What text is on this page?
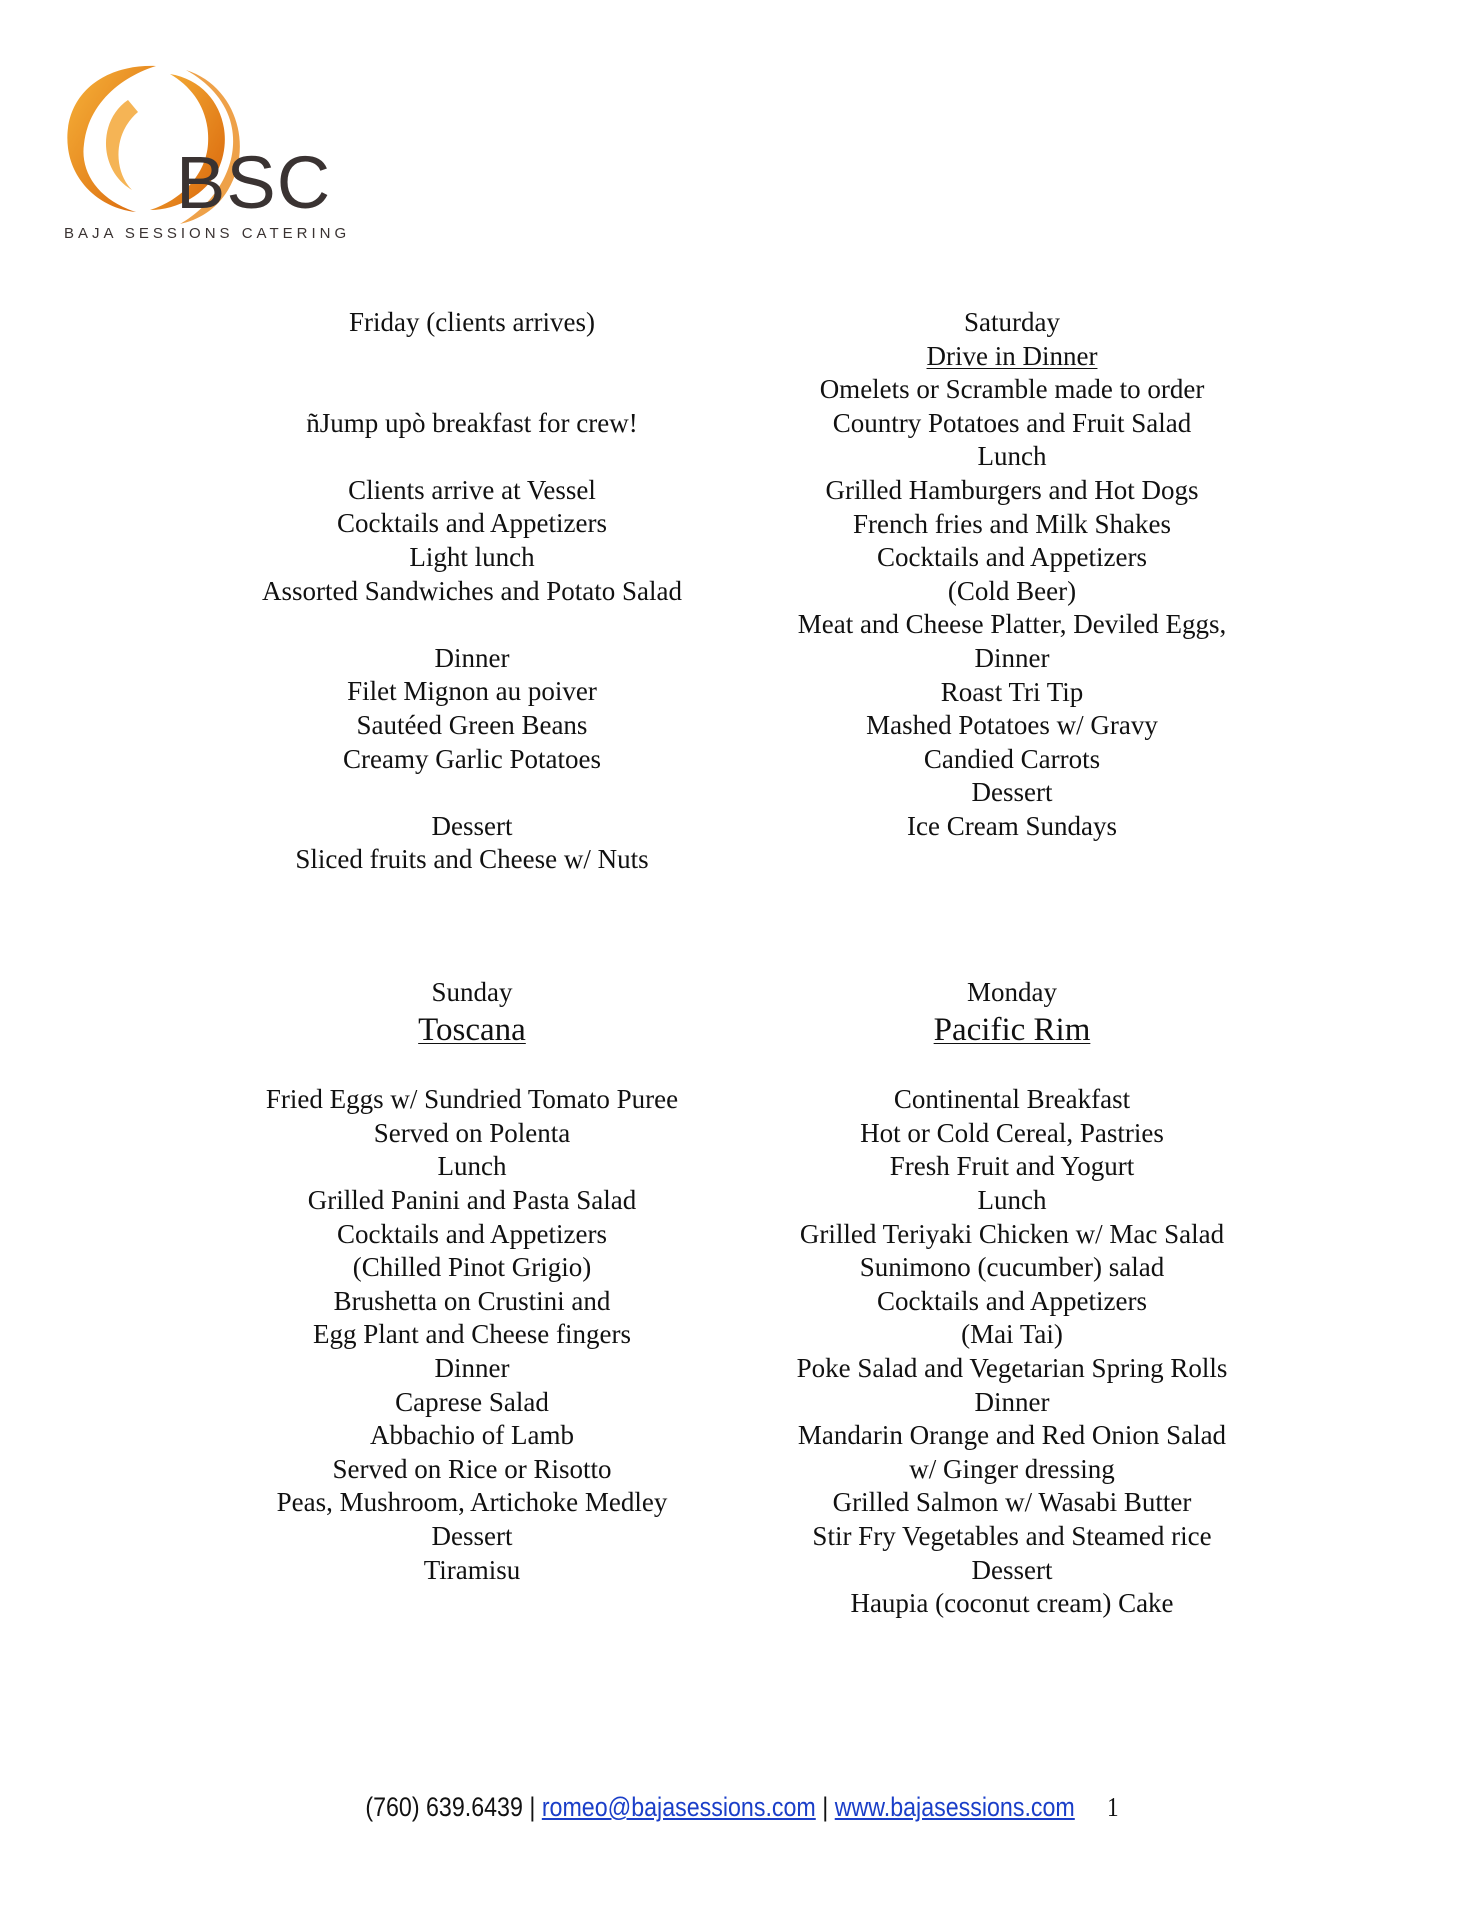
BSC
BAJA SESSIONS CATERING
Friday (clients arrives)
ñJump upò breakfast for crew!
Clients arrive at Vessel
Cocktails and Appetizers
Light lunch
Assorted Sandwiches and Potato Salad
Dinner
Filet Mignon au poiver
Sautéed Green Beans
Creamy Garlic Potatoes
Dessert
Sliced fruits and Cheese w/ Nuts
Saturday
Drive in Dinner
Omelets or Scramble made to order
Country Potatoes and Fruit Salad
Lunch
Grilled Hamburgers and Hot Dogs
French fries and Milk Shakes
Cocktails and Appetizers
(Cold Beer)
Meat and Cheese Platter, Deviled Eggs,
Dinner
Roast Tri Tip
Mashed Potatoes w/ Gravy
Candied Carrots
Dessert
Ice Cream Sundays
Sunday
Toscana
Fried Eggs w/ Sundried Tomato Puree
Served on Polenta
Lunch
Grilled Panini and Pasta Salad
Cocktails and Appetizers
(Chilled Pinot Grigio)
Brushetta on Crustini and
Egg Plant and Cheese fingers
Dinner
Caprese Salad
Abbachio of Lamb
Served on Rice or Risotto
Peas, Mushroom, Artichoke Medley
Dessert
Tiramisu
Monday
Pacific Rim
Continental Breakfast
Hot or Cold Cereal, Pastries
Fresh Fruit and Yogurt
Lunch
Grilled Teriyaki Chicken w/ Mac Salad
Sunimono (cucumber) salad
Cocktails and Appetizers
(Mai Tai)
Poke Salad and Vegetarian Spring Rolls
Dinner
Mandarin Orange and Red Onion Salad
w/ Ginger dressing
Grilled Salmon w/ Wasabi Butter
Stir Fry Vegetables and Steamed rice
Dessert
Haupia (coconut cream) Cake
(760) 639.6439 | romeo@bajasessions.com | www.bajasessions.com 1
